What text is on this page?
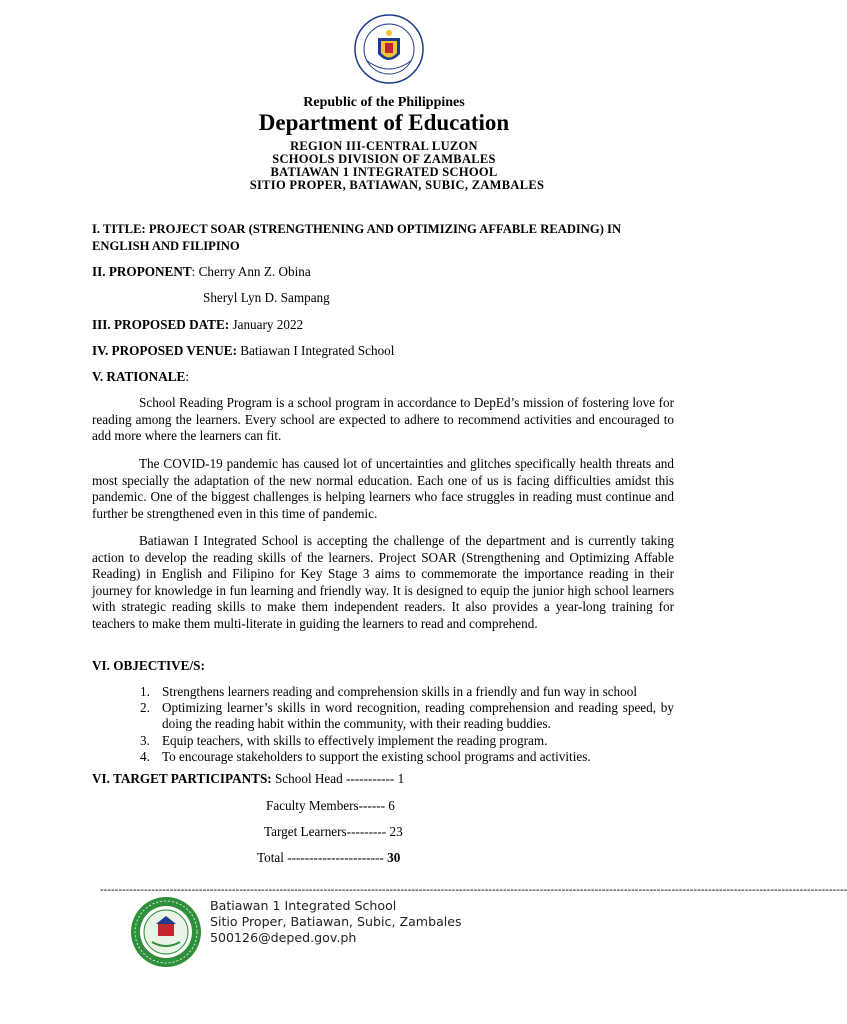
Republic of the Philippines
Department of Education
REGION III-CENTRAL LUZON
SCHOOLS DIVISION OF ZAMBALES
BATIAWAN 1 INTEGRATED SCHOOL
SITIO PROPER, BATIAWAN, SUBIC, ZAMBALES
I. TITLE: PROJECT SOAR (STRENGTHENING AND OPTIMIZING AFFABLE READING) IN ENGLISH AND FILIPINO
II. PROPONENT: Cherry Ann Z. Obina
Sheryl Lyn D. Sampang
III. PROPOSED DATE: January 2022
IV. PROPOSED VENUE: Batiawan I Integrated School
V. RATIONALE:
School Reading Program is a school program in accordance to DepEd’s mission of fostering love for reading among the learners. Every school are expected to adhere to recommend activities and encouraged to add more where the learners can fit.
The COVID-19 pandemic has caused lot of uncertainties and glitches specifically health threats and most specially the adaptation of the new normal education. Each one of us is facing difficulties amidst this pandemic. One of the biggest challenges is helping learners who face struggles in reading must continue and further be strengthened even in this time of pandemic.
Batiawan I Integrated School is accepting the challenge of the department and is currently taking action to develop the reading skills of the learners. Project SOAR (Strengthening and Optimizing Affable Reading) in English and Filipino for Key Stage 3 aims to commemorate the importance reading in their journey for knowledge in fun learning and friendly way. It is designed to equip the junior high school learners with strategic reading skills to make them independent readers. It also provides a year-long training for teachers to make them multi-literate in guiding the learners to read and comprehend.
VI. OBJECTIVE/S:
1. Strengthens learners reading and comprehension skills in a friendly and fun way in school
2. Optimizing learner’s skills in word recognition, reading comprehension and reading speed, by doing the reading habit within the community, with their reading buddies.
3. Equip teachers, with skills to effectively implement the reading program.
4. To encourage stakeholders to support the existing school programs and activities.
VI. TARGET PARTICIPANTS: School Head ----------- 1
Faculty Members------ 6
Target Learners--------- 23
Total ---------------------- 30
------------------------------------------------------------------------------------------------------------------------------------------------------------------------------------------------------------
Batiawan 1 Integrated School
Sitio Proper, Batiawan, Subic, Zambales
500126@deped.gov.ph
